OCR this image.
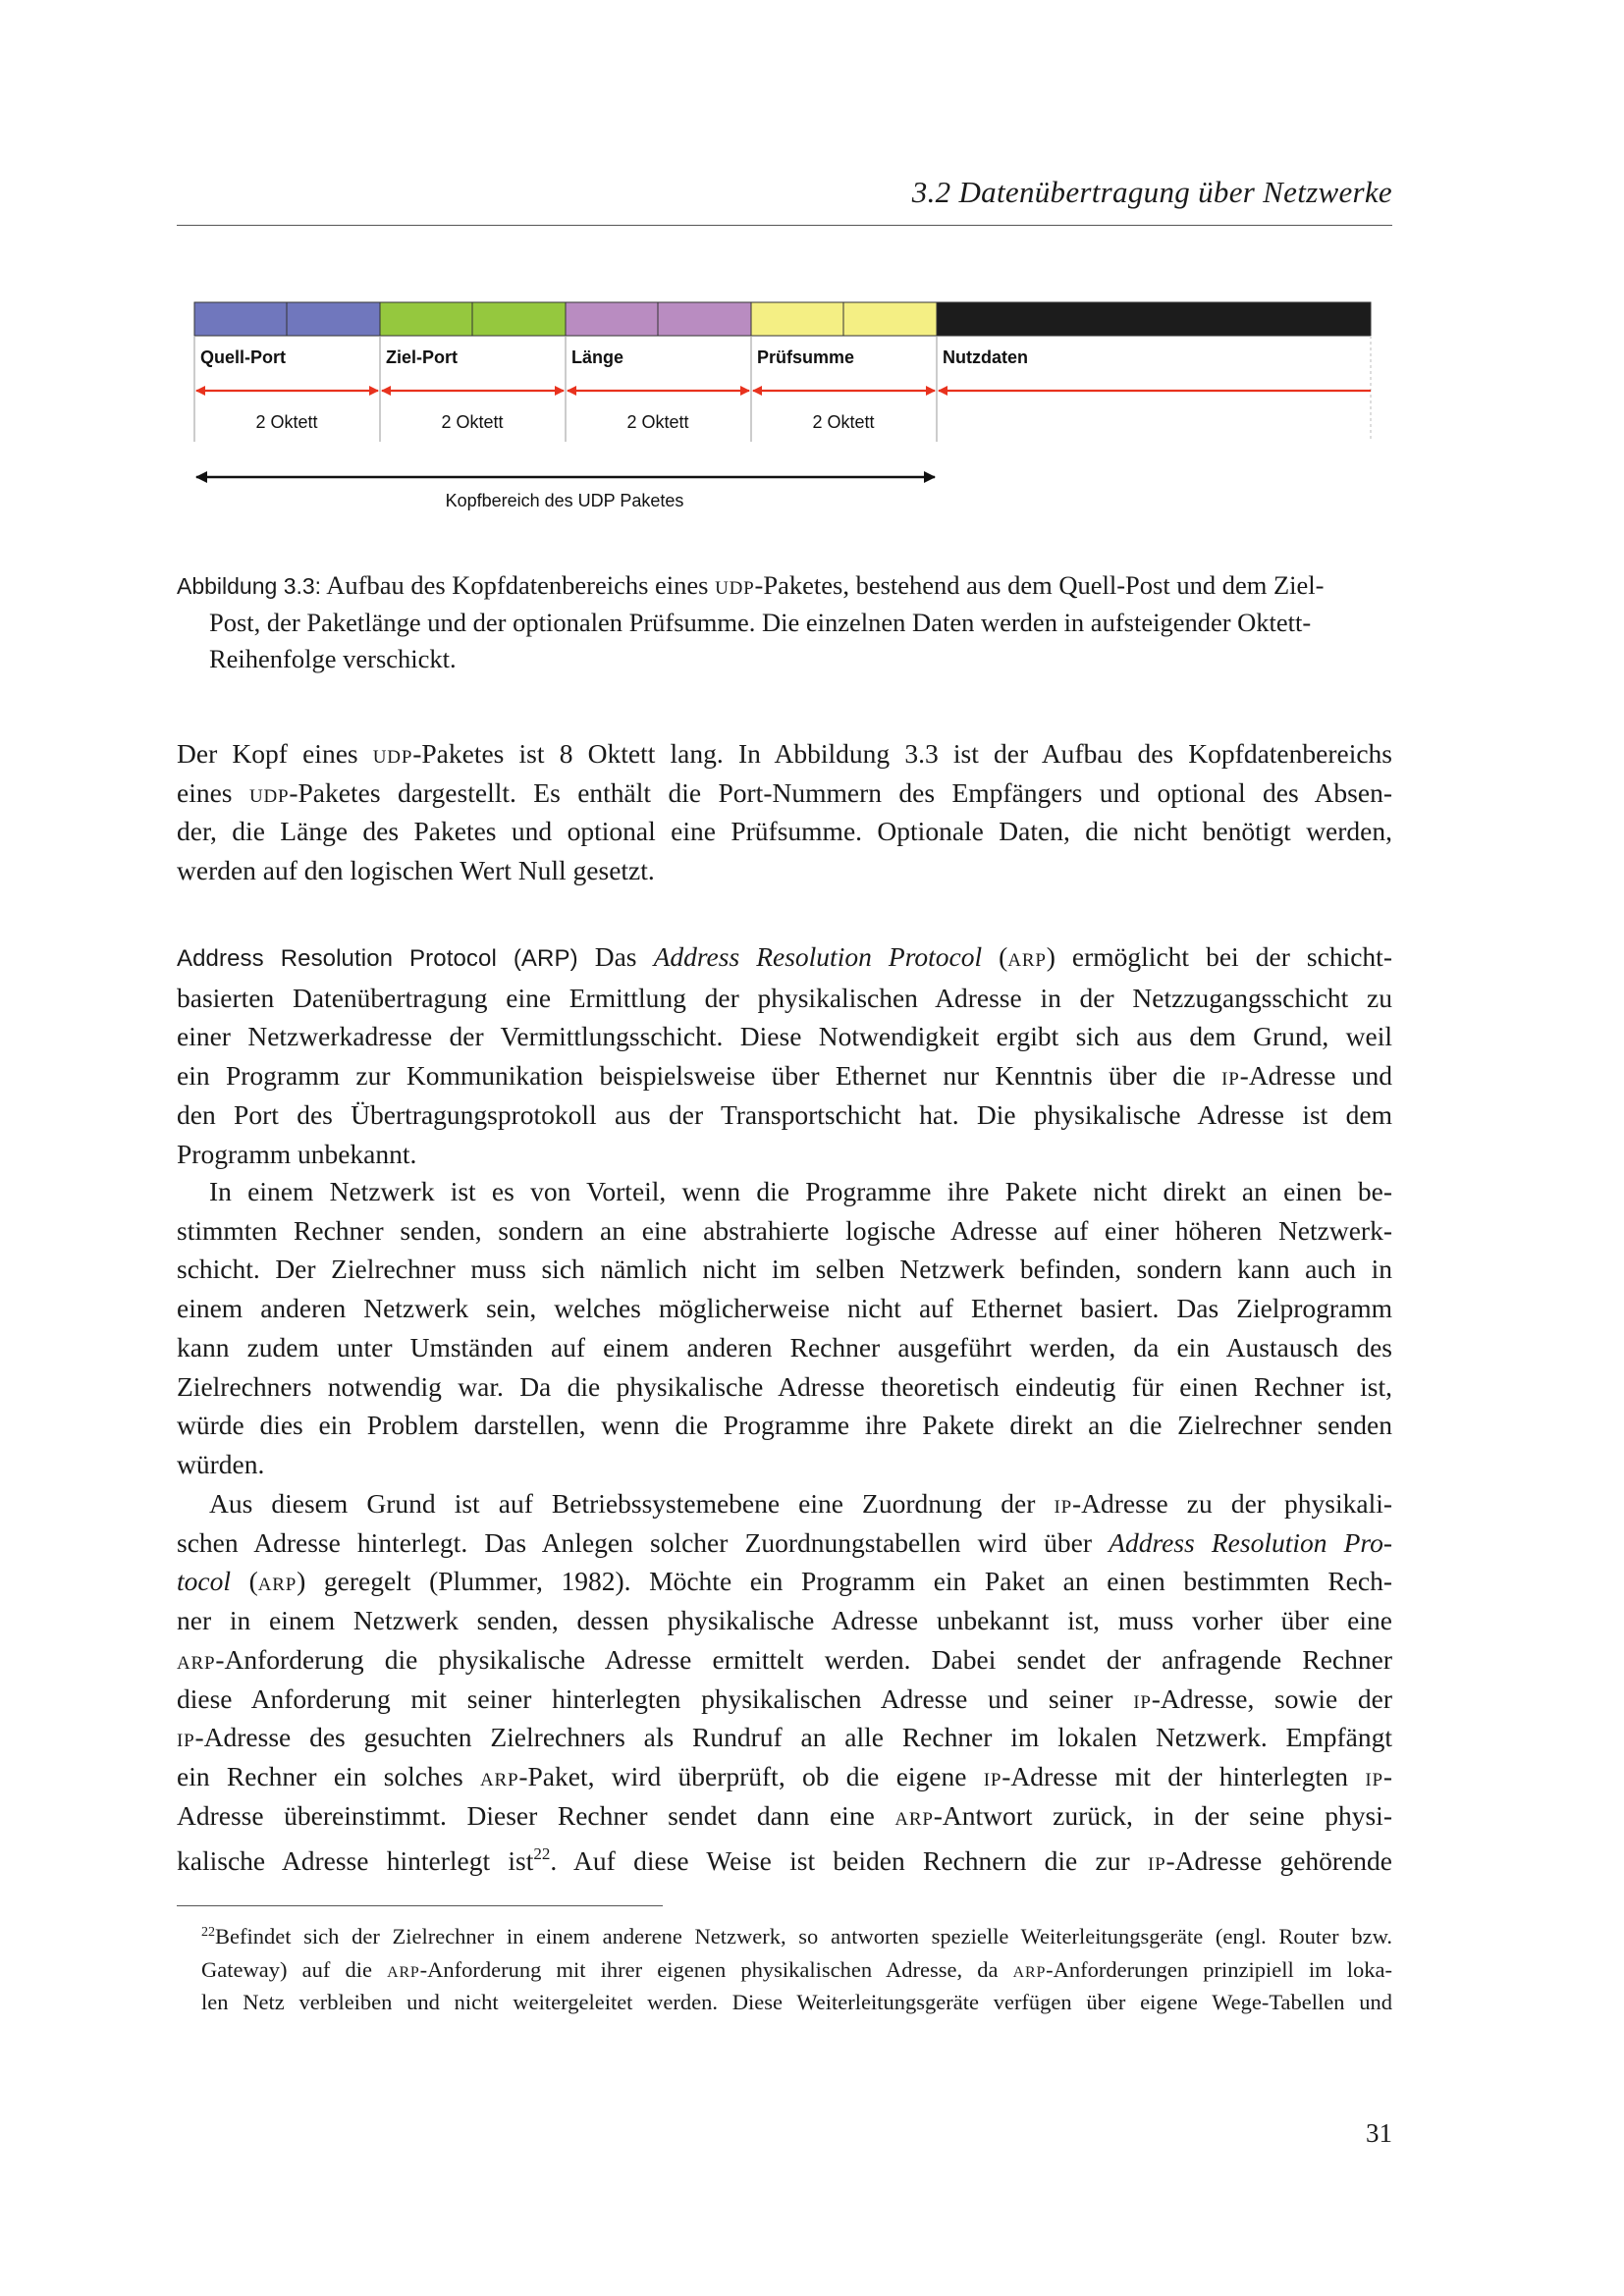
3.2 Datenübertragung über Netzwerke
Quell-Port	Ziel-Port	Länge	Prüfsumme	Nutzdaten
2 Oktett	2 Oktett	2 Oktett	2 Oktett
Kopfbereich des UDP Paketes
Abbildung 3.3: Aufbau des Kopfdatenbereichs eines udp-Paketes, bestehend aus dem Quell-Post und dem Ziel-
Post, der Paketlänge und der optionalen Prüfsumme. Die einzelnen Daten werden in aufsteigender Oktett-
Reihenfolge verschickt.
Der Kopf eines udp-Paketes ist 8 Oktett lang. In Abbildung 3.3 ist der Aufbau des Kopfdatenbereichs
eines udp-Paketes dargestellt. Es enthält die Port-Nummern des Empfängers und optional des Absen-
der, die Länge des Paketes und optional eine Prüfsumme. Optionale Daten, die nicht benötigt werden,
werden auf den logischen Wert Null gesetzt.
Address Resolution Protocol (ARP) Das Address Resolution Protocol (arp) ermöglicht bei der schicht-
basierten Datenübertragung eine Ermittlung der physikalischen Adresse in der Netzzugangsschicht zu
einer Netzwerkadresse der Vermittlungsschicht. Diese Notwendigkeit ergibt sich aus dem Grund, weil
ein Programm zur Kommunikation beispielsweise über Ethernet nur Kenntnis über die ip-Adresse und
den Port des Übertragungsprotokoll aus der Transportschicht hat. Die physikalische Adresse ist dem
Programm unbekannt.
In einem Netzwerk ist es von Vorteil, wenn die Programme ihre Pakete nicht direkt an einen be-
stimmten Rechner senden, sondern an eine abstrahierte logische Adresse auf einer höheren Netzwerk-
schicht. Der Zielrechner muss sich nämlich nicht im selben Netzwerk befinden, sondern kann auch in
einem anderen Netzwerk sein, welches möglicherweise nicht auf Ethernet basiert. Das Zielprogramm
kann zudem unter Umständen auf einem anderen Rechner ausgeführt werden, da ein Austausch des
Zielrechners notwendig war. Da die physikalische Adresse theoretisch eindeutig für einen Rechner ist,
würde dies ein Problem darstellen, wenn die Programme ihre Pakete direkt an die Zielrechner senden
würden.
Aus diesem Grund ist auf Betriebssystemebene eine Zuordnung der ip-Adresse zu der physikali-
schen Adresse hinterlegt. Das Anlegen solcher Zuordnungstabellen wird über Address Resolution Pro-
tocol (arp) geregelt (Plummer, 1982). Möchte ein Programm ein Paket an einen bestimmten Rech-
ner in einem Netzwerk senden, dessen physikalische Adresse unbekannt ist, muss vorher über eine
arp-Anforderung die physikalische Adresse ermittelt werden. Dabei sendet der anfragende Rechner
diese Anforderung mit seiner hinterlegten physikalischen Adresse und seiner ip-Adresse, sowie der
ip-Adresse des gesuchten Zielrechners als Rundruf an alle Rechner im lokalen Netzwerk. Empfängt
ein Rechner ein solches arp-Paket, wird überprüft, ob die eigene ip-Adresse mit der hinterlegten ip-
Adresse übereinstimmt. Dieser Rechner sendet dann eine arp-Antwort zurück, in der seine physi-
kalische Adresse hinterlegt ist$^{22}$. Auf diese Weise ist beiden Rechnern die zur ip-Adresse gehörende
$^{22}$Befindet sich der Zielrechner in einem anderene Netzwerk, so antworten spezielle Weiterleitungsgeräte (engl. Router bzw.
Gateway) auf die arp-Anforderung mit ihrer eigenen physikalischen Adresse, da arp-Anforderungen prinzipiell im loka-
len Netz verbleiben und nicht weitergeleitet werden. Diese Weiterleitungsgeräte verfügen über eigene Wege-Tabellen und
31
